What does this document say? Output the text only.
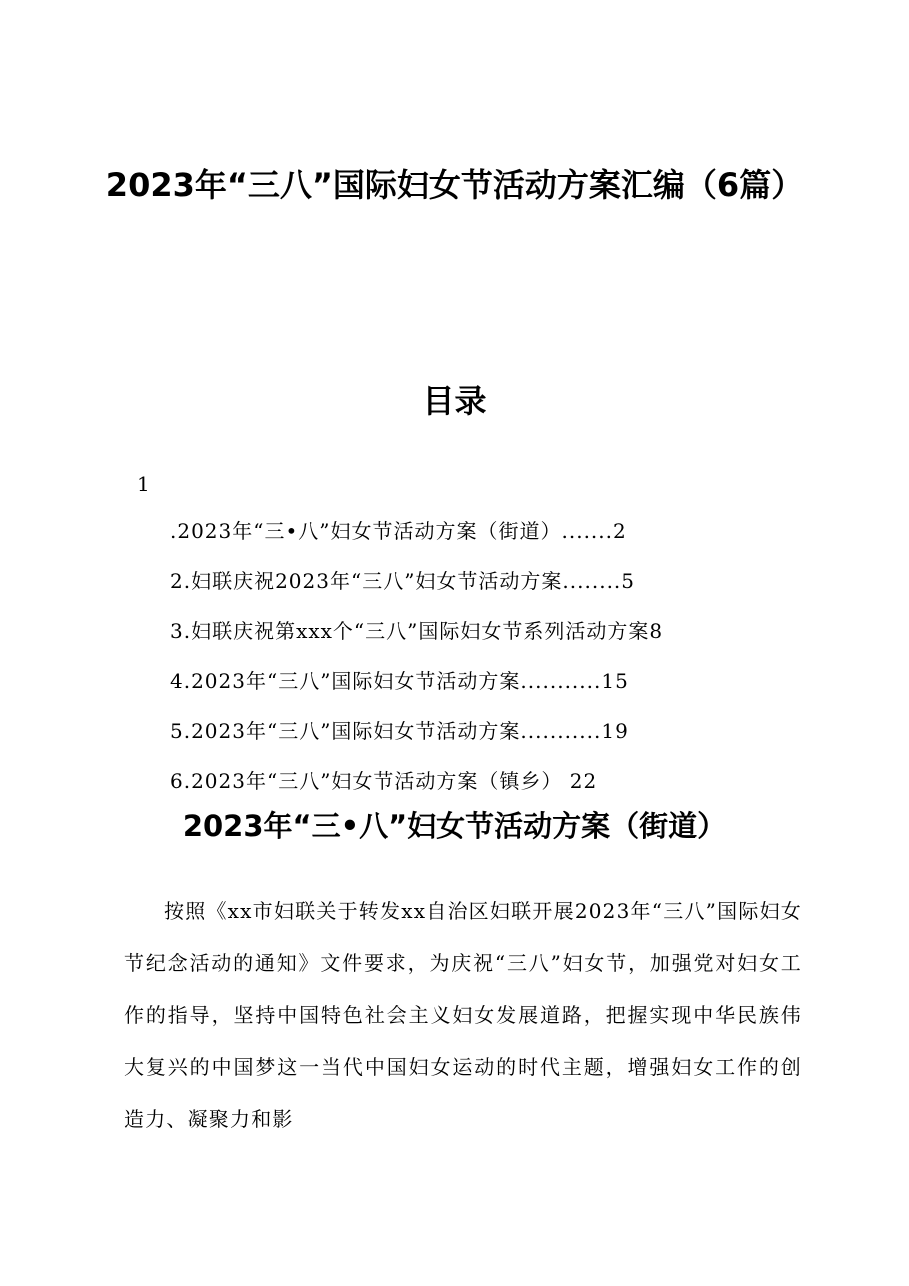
2023年“三八”国际妇女节活动方案汇编（6篇）
目录
1
.2023年“三•八”妇女节活动方案（街道）.......2
2.妇联庆祝2023年“三八”妇女节活动方案........5
3.妇联庆祝第xxx个“三八”国际妇女节系列活动方案8
4.2023年“三八”国际妇女节活动方案...........15
5.2023年“三八”国际妇女节活动方案...........19
6.2023年“三八”妇女节活动方案（镇乡） 22
2023年“三•八”妇女节活动方案（街道）

按照《xx市妇联关于转发xx自治区妇联开展2023年“三八”国际妇女节纪念活动的通知》文件要求，为庆祝“三八”妇女节，加强党对妇女工作的指导，坚持中国特色社会主义妇女发展道路，把握实现中华民族伟大复兴的中国梦这一当代中国妇女运动的时代主题，增强妇女工作的创造力、凝聚力和影
